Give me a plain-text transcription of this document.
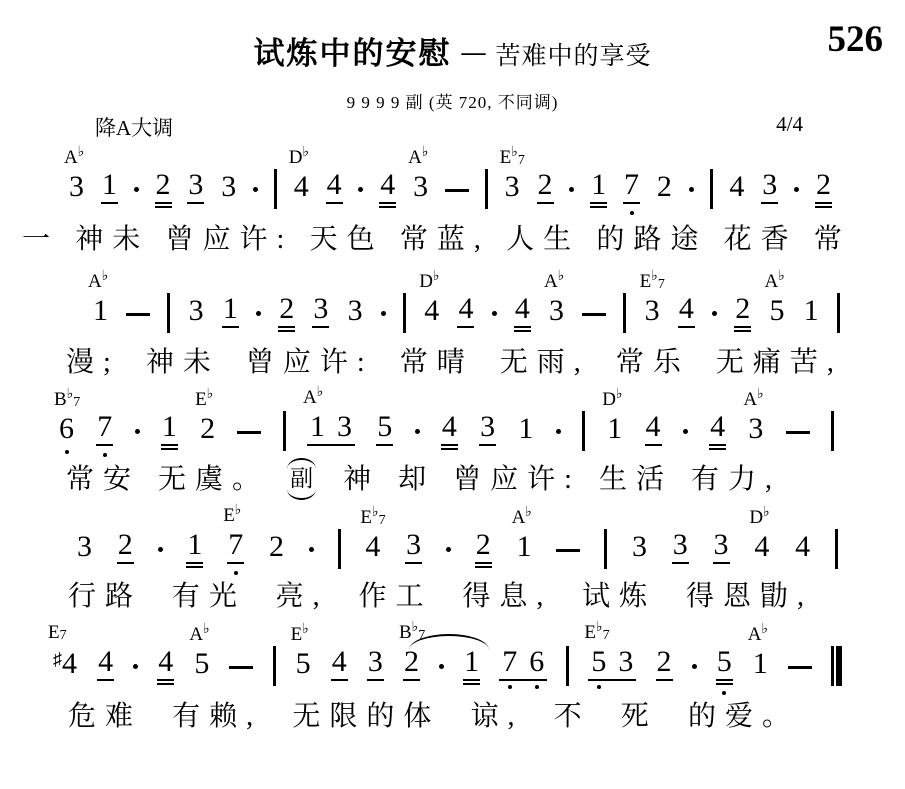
526
试炼中的安慰 — 苦难中的享受
9 9 9 9 副 (英 720, 不同调)
降A大调	4/4
A♭
3 1 2 3 3
D♭
4 4 4
A♭
3
E♭7
3 2 1 7 2 4 3 2
一 神未 曾应许: 天色 常蓝, 人生 的路途 花香 常
A♭
1	3 1 2 3 3
D♭
4 4 4
A♭
3
E♭7
3 4 2
A♭
5 1
漫; 神未 曾应许: 常晴 无雨, 常乐 无痛苦,
B♭7
6 7 1
E♭
2
A♭
1 3 5 4 3 1
D♭
1 4 4
A♭
3
常安 无虞。 副 神 却 曾应许: 生活 有力,
3 2 1
E♭
7 2
E♭7
4 3 2
A♭
1	3 3 3
D♭
4 4
行路 有光 亮, 作工 得息, 试炼 得恩勖,
E7
♯4 4 4
A♭
5
E♭
5 4 3
B♭7
2 1 7 6
E♭7
5 3 2 5
A♭
1
危难 有赖, 无限的体 谅, 不 死 的爱。
